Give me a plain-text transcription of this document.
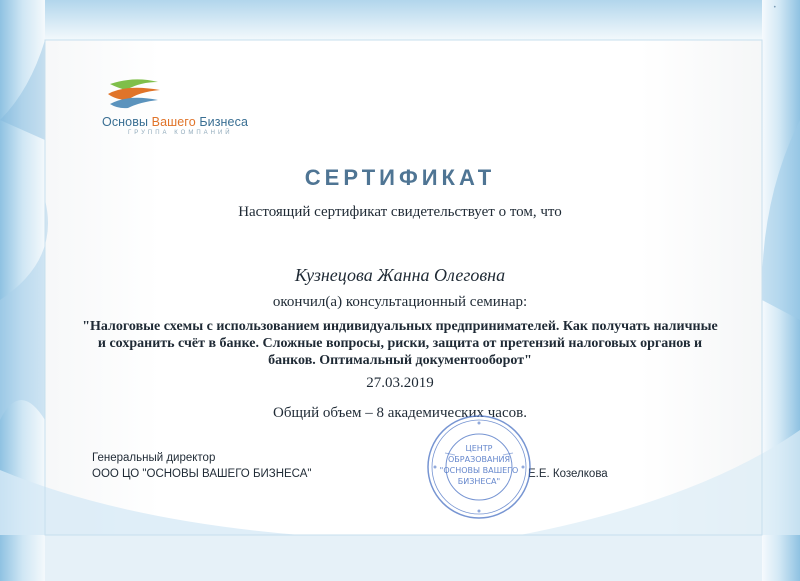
•
Основы Вашего Бизнеса
ГРУППА КОМПАНИЙ
СЕРТИФИКАТ
Настоящий сертификат свидетельствует о том, что
Кузнецова Жанна Олеговна
окончил(а) консультационный семинар:
"Налоговые схемы с использованием индивидуальных предпринимателей. Как получать наличные и сохранить счёт в банке. Сложные вопросы, риски, защита от претензий налоговых органов и банков. Оптимальный документооборот"
27.03.2019
Общий объем – 8 академических часов.
Генеральный директор
ООО ЦО "ОСНОВЫ ВАШЕГО БИЗНЕСА"	Е.Е. Козелкова
ЦЕНТР
ОБРАЗОВАНИЯ
"ОСНОВЫ ВАШЕГО
БИЗНЕСА"
